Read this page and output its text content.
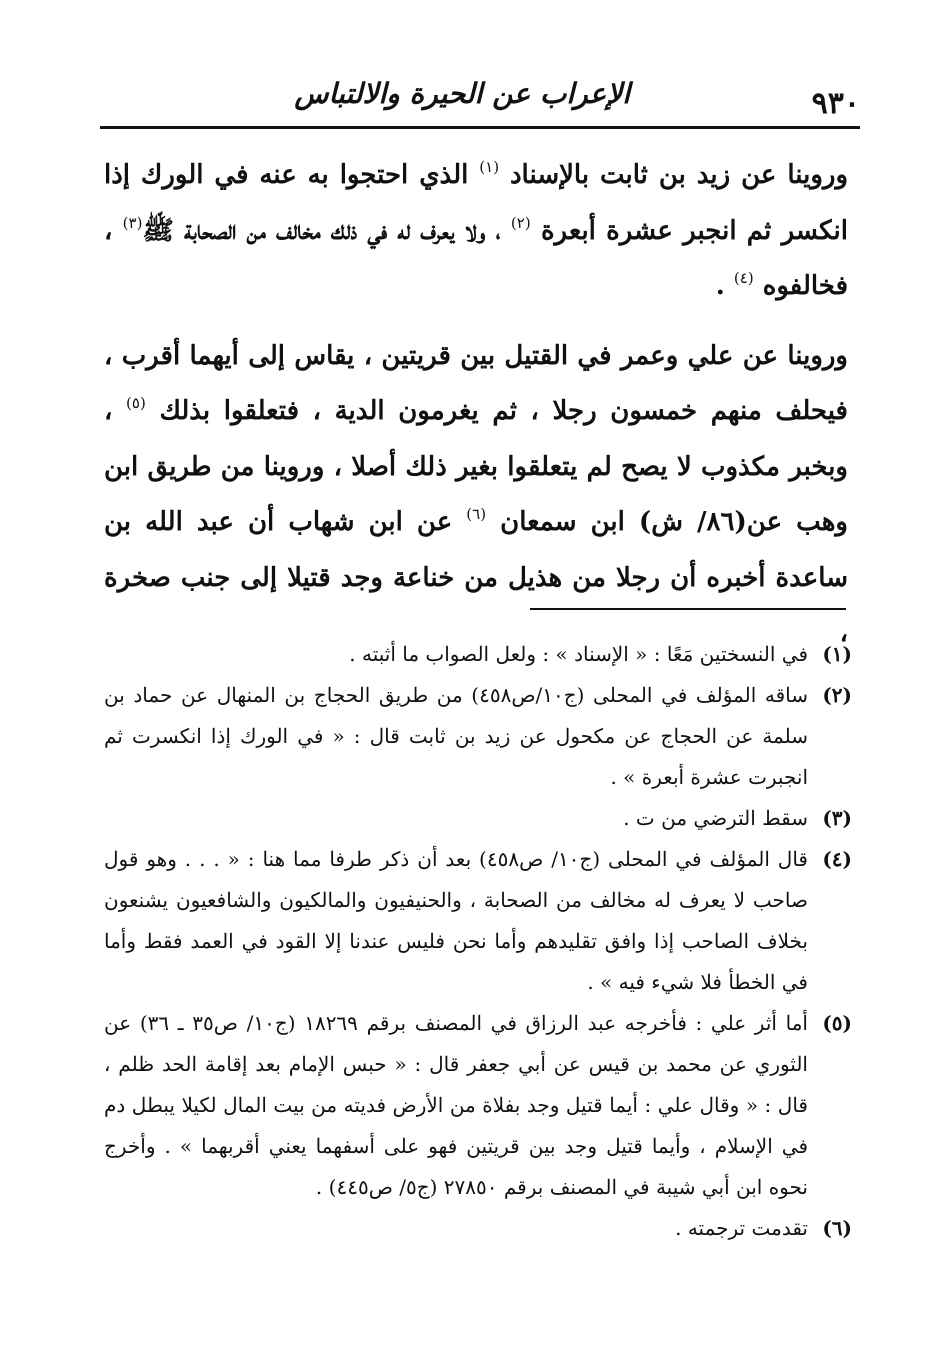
٩٣٠
الإعراب عن الحيرة والالتباس

وروينا عن زيد بن ثابت بالإسناد $^{(١)}$ الذي احتجوا به عنه في الورك إذا انكسر ثم انجبر عشرة أبعرة $^{(٢)}$ ، ولا يعرف له في ذلك مخالف من الصحابة ﷺ$^{(٣)}$ ، فخالفوه $^{(٤)}$ .

وروينا عن علي وعمر في القتيل بين قريتين ، يقاس إلى أيهما أقرب ، فيحلف منهم خمسون رجلا ، ثم يغرمون الدية ، فتعلقوا بذلك $^{(٥)}$ ، وبخبر مكذوب لا يصح لم يتعلقوا بغير ذلك أصلا ، وروينا من طريق ابن وهب عن(٨٦/ ش) ابن سمعان $^{(٦)}$ عن ابن شهاب أن عبد الله بن ساعدة أخبره أن رجلا من هذيل من خناعة وجد قتيلا إلى جنب صخرة ،

(١)
في النسختين مَعًا : « الإسناد » : ولعل الصواب ما أثبته .
(٢)
ساقه المؤلف في المحلى (ج١٠/ص٤٥٨) من طريق الحجاج بن المنهال عن حماد بن سلمة عن الحجاج عن مكحول عن زيد بن ثابت قال : « في الورك إذا انكسرت ثم انجبرت عشرة أبعرة » .
(٣)
سقط الترضي من ت .
(٤)
قال المؤلف في المحلى (ج١٠/ ص٤٥٨) بعد أن ذكر طرفا مما هنا : « . . . وهو قول صاحب لا يعرف له مخالف من الصحابة ، والحنيفيون والمالكيون والشافعيون يشنعون بخلاف الصاحب إذا وافق تقليدهم وأما نحن فليس عندنا إلا القود في العمد فقط وأما في الخطأ فلا شيء فيه » .
(٥)
أما أثر علي : فأخرجه عبد الرزاق في المصنف برقم ١٨٢٦٩ (ج١٠/ ص٣٥ ـ ٣٦) عن الثوري عن محمد بن قيس عن أبي جعفر قال : « حبس الإمام بعد إقامة الحد ظلم ، قال : « وقال علي : أيما قتيل وجد بفلاة من الأرض فديته من بيت المال لكيلا يبطل دم في الإسلام ، وأيما قتيل وجد بين قريتين فهو على أسفهما يعني أقربهما » . وأخرج نحوه ابن أبي شيبة في المصنف برقم ٢٧٨٥٠ (ج٥/ ص٤٤٥) .
(٦)
تقدمت ترجمته .
